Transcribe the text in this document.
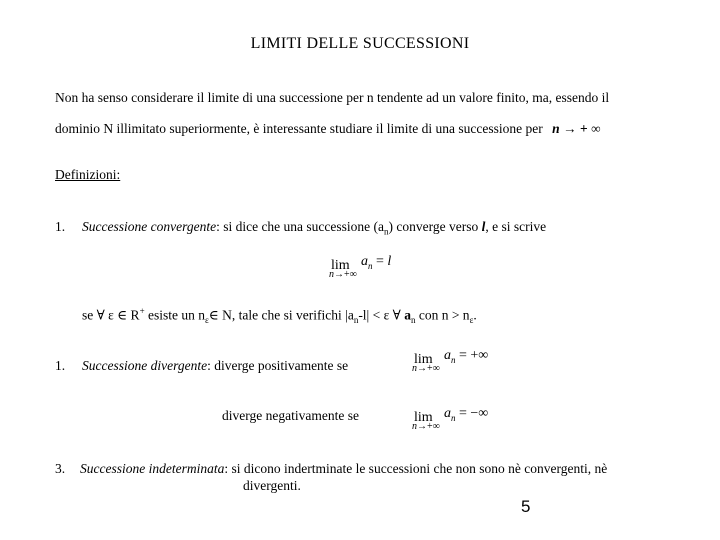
LIMITI DELLE SUCCESSIONI
Non ha senso considerare il limite di una successione per n tendente ad un valore finito, ma, essendo il
dominio N illimitato superiormente, è interessante studiare il limite di una successione per n → + ∞
Definizioni:
1. Successione convergente: si dice che una successione $(a_n)$ converge verso l, e si scrive
lim
n→+∞
$a_n = l$
se ∀ ε ∈ R+ esiste un $n_\varepsilon\in$ N, tale che si verifichi $|a_n-l| < \varepsilon$ ∀ $a_n$ con $n > n_\varepsilon$.
1. Successione divergente: diverge positivamente se	lim
n→+∞
$a_n$ = +∞
diverge negativamente se	lim
n→+∞
$a_n$ = −∞
3. Successione indeterminata: si dicono indertminate le successioni che non sono nè convergenti, nè
divergenti.
5
